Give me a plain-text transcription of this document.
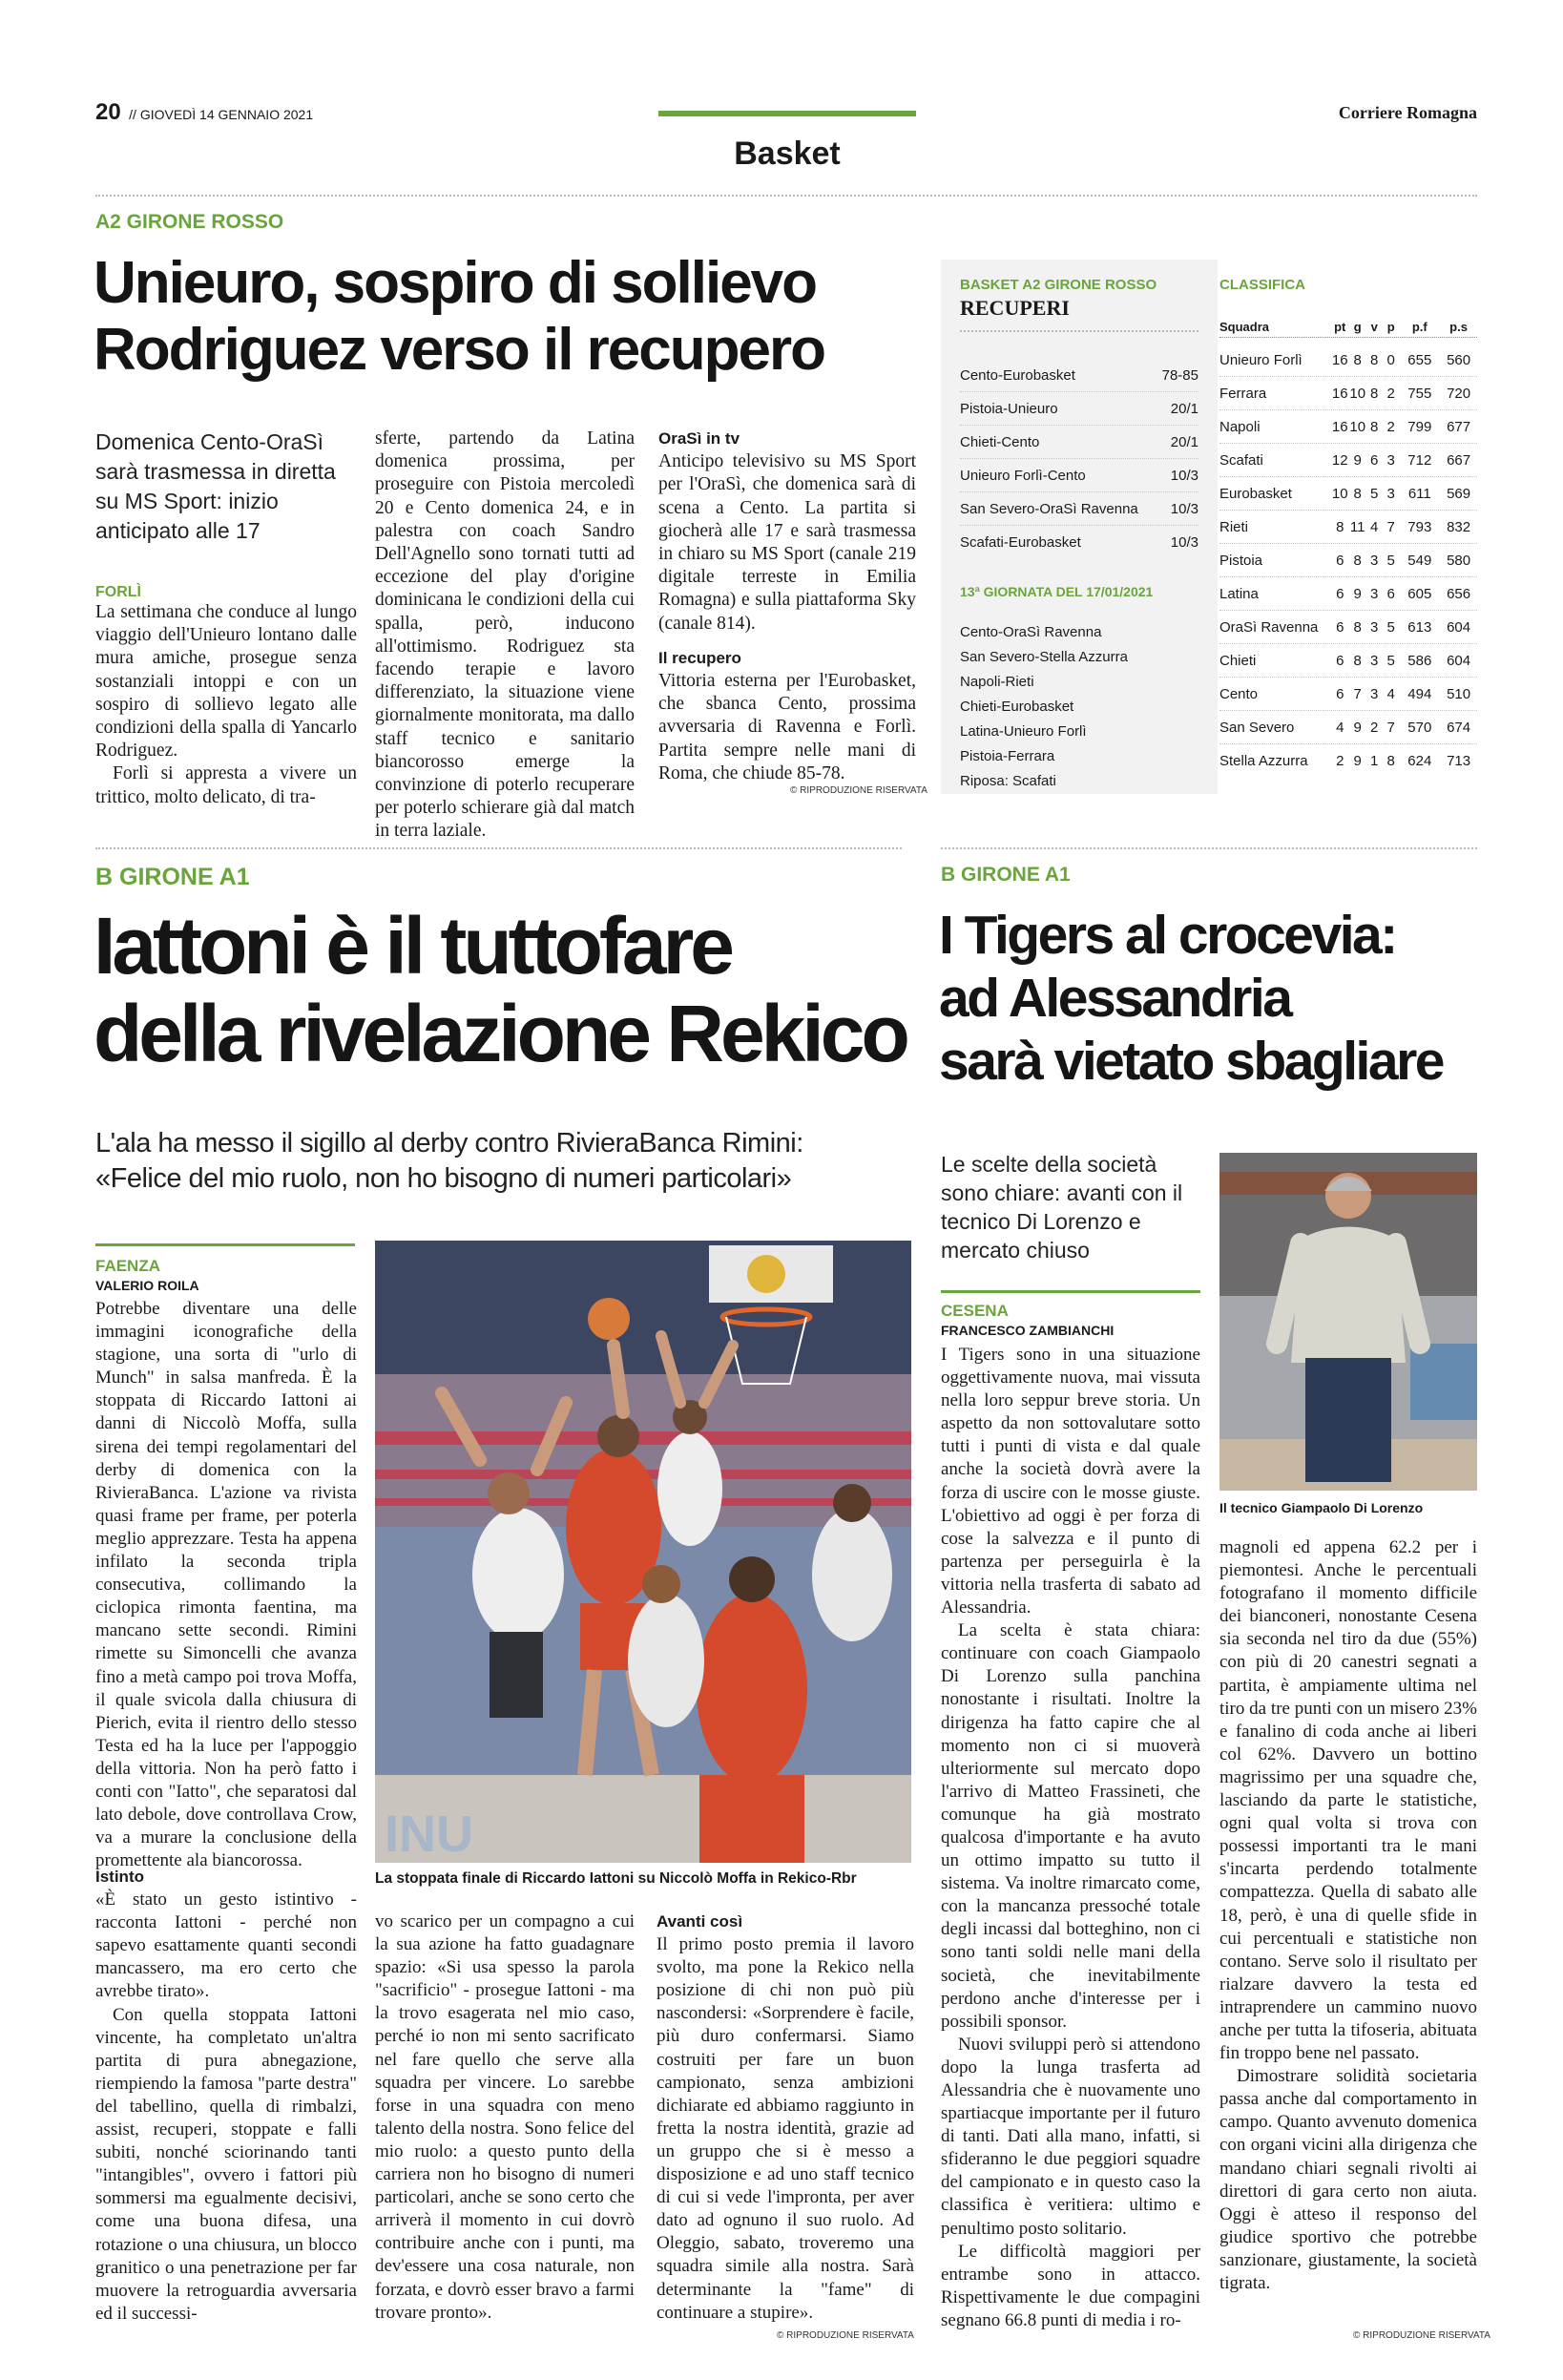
20 // GIOVEDÌ 14 GENNAIO 2021	Corriere Romagna
Basket
A2 GIRONE ROSSO
Unieuro, sospiro di sollievo
Rodriguez verso il recupero
Domenica Cento-OraSì sarà trasmessa in diretta su MS Sport: inizio anticipato alle 17
FORLÌ

La settimana che conduce al lungo viaggio dell'Unieuro lontano dalle mura amiche, prosegue senza sostanziali intoppi e con un sospiro di sollievo legato alle condizioni della spalla di Yancarlo Rodriguez.

Forlì si appresta a vivere un trittico, molto delicato, di tra-

sferte, partendo da Latina domenica prossima, per proseguire con Pistoia mercoledì 20 e Cento domenica 24, e in palestra con coach Sandro Dell'Agnello sono tornati tutti ad eccezione del play d'origine dominicana le condizioni della cui spalla, però, inducono all'ottimismo. Rodriguez sta facendo terapie e lavoro differenziato, la situazione viene giornalmente monitorata, ma dallo staff tecnico e sanitario biancorosso emerge la convinzione di poterlo recuperare per poterlo schierare già dal match in terra laziale.

OraSì in tv

Anticipo televisivo su MS Sport per l'OraSì, che domenica sarà di scena a Cento. La partita si giocherà alle 17 e sarà trasmessa in chiaro su MS Sport (canale 219 digitale terreste in Emilia Romagna) e sulla piattaforma Sky (canale 814).

Il recupero

Vittoria esterna per l'Eurobasket, che sbanca Cento, prossima avversaria di Ravenna e Forlì. Partita sempre nelle mani di Roma, che chiude 85-78.

© RIPRODUZIONE RISERVATA
BASKET A2 GIRONE ROSSO
RECUPERI
Cento-Eurobasket	78-85
Pistoia-Unieuro	20/1
Chieti-Cento	20/1
Unieuro Forlì-Cento	10/3
San Severo-OraSì Ravenna 10/3
Scafati-Eurobasket	10/3
13ª GIORNATA DEL 17/01/2021
Cento-OraSì Ravenna
San Severo-Stella Azzurra
Napoli-Rieti
Chieti-Eurobasket
Latina-Unieuro Forlì
Pistoia-Ferrara
Riposa: Scafati
CLASSIFICA
Squadra	pt g v p	p.f	p.s
Unieuro Forlì	16 8 8 0 655	560
Ferrara	16 10 8 2 755	720
Napoli	16 10 8 2 799	677
Scafati	12 9 6 3 712	667
Eurobasket	10 8 5 3 611	569
Rieti	8 11 4 7 793	832
Pistoia	6 8 3 5 549	580
Latina	6 9 3 6 605	656
OraSì Ravenna	6 8 3 5 613	604
Chieti	6 8 3 5 586	604
Cento	6 7 3 4 494	510
San Severo	4 9 2 7 570	674
Stella Azzurra	2 9 1 8 624	713
B GIRONE A1
Iattoni è il tuttofare
della rivelazione Rekico
L'ala ha messo il sigillo al derby contro RivieraBanca Rimini:
«Felice del mio ruolo, non ho bisogno di numeri particolari»
FAENZA
VALERIO ROILA

Potrebbe diventare una delle immagini iconografiche della stagione, una sorta di "urlo di Munch" in salsa manfreda. È la stoppata di Riccardo Iattoni ai danni di Niccolò Moffa, sulla sirena dei tempi regolamentari del derby di domenica con la RivieraBanca. L'azione va rivista quasi frame per frame, per poterla meglio apprezzare. Testa ha appena infilato la seconda tripla consecutiva, collimando la ciclopica rimonta faentina, ma mancano sette secondi. Rimini rimette su Simoncelli che avanza fino a metà campo poi trova Moffa, il quale svicola dalla chiusura di Pierich, evita il rientro dello stesso Testa ed ha la luce per l'appoggio della vittoria. Non ha però fatto i conti con "Iatto", che separatosi dal lato debole, dove controllava Crow, va a murare la conclusione della promettente ala biancorossa.	INU
La stoppata finale di Riccardo Iattoni su Niccolò Moffa in Rekico-Rbr
Istinto

«È stato un gesto istintivo - racconta Iattoni - perché non sapevo esattamente quanti secondi mancassero, ma ero certo che avrebbe tirato».

Con quella stoppata Iattoni vincente, ha completato un'altra partita di pura abnegazione, riempiendo la famosa "parte destra" del tabellino, quella di rimbalzi, assist, recuperi, stoppate e falli subiti, nonché sciorinando tanti "intangibles", ovvero i fattori più sommersi ma egualmente decisivi, come una buona difesa, una rotazione o una chiusura, un blocco granitico o una penetrazione per far muovere la retroguardia avversaria ed il successi-

vo scarico per un compagno a cui la sua azione ha fatto guadagnare spazio: «Si usa spesso la parola "sacrificio" - prosegue Iattoni - ma la trovo esagerata nel mio caso, perché io non mi sento sacrificato nel fare quello che serve alla squadra per vincere. Lo sarebbe forse in una squadra con meno talento della nostra. Sono felice del mio ruolo: a questo punto della carriera non ho bisogno di numeri particolari, anche se sono certo che arriverà il momento in cui dovrò contribuire anche con i punti, ma dev'essere una cosa naturale, non forzata, e dovrò esser bravo a farmi trovare pronto».

Avanti così

Il primo posto premia il lavoro svolto, ma pone la Rekico nella posizione di chi non può più nascondersi: «Sorprendere è facile, più duro confermarsi. Siamo costruiti per fare un buon campionato, senza ambizioni dichiarate ed abbiamo raggiunto in fretta la nostra identità, grazie ad un gruppo che si è messo a disposizione e ad uno staff tecnico di cui si vede l'impronta, per aver dato ad ognuno il suo ruolo. Ad Oleggio, sabato, troveremo una squadra simile alla nostra. Sarà determinante la "fame" di continuare a stupire».

© RIPRODUZIONE RISERVATA
B GIRONE A1
I Tigers al crocevia:
ad Alessandria
sarà vietato sbagliare
Le scelte della società sono chiare: avanti con il tecnico Di Lorenzo e mercato chiuso
Il tecnico Giampaolo Di Lorenzo
CESENA
FRANCESCO ZAMBIANCHI

I Tigers sono in una situazione oggettivamente nuova, mai vissuta nella loro seppur breve storia. Un aspetto da non sottovalutare sotto tutti i punti di vista e dal quale anche la società dovrà avere la forza di uscire con le mosse giuste. L'obiettivo ad oggi è per forza di cose la salvezza e il punto di partenza per perseguirla è la vittoria nella trasferta di sabato ad Alessandria.

La scelta è stata chiara: continuare con coach Giampaolo Di Lorenzo sulla panchina nonostante i risultati. Inoltre la dirigenza ha fatto capire che al momento non ci si muoverà ulteriormente sul mercato dopo l'arrivo di Matteo Frassineti, che comunque ha già mostrato qualcosa d'importante e ha avuto un ottimo impatto su tutto il sistema. Va inoltre rimarcato come, con la mancanza pressoché totale degli incassi dal botteghino, non ci sono tanti soldi nelle mani della società, che inevitabilmente perdono anche d'interesse per i possibili sponsor.

Nuovi sviluppi però si attendono dopo la lunga trasferta ad Alessandria che è nuovamente uno spartiacque importante per il futuro di tanti. Dati alla mano, infatti, si sfideranno le due peggiori squadre del campionato e in questo caso la classifica è veritiera: ultimo e penultimo posto solitario.

Le difficoltà maggiori per entrambe sono in attacco. Rispettivamente le due compagini segnano 66.8 punti di media i ro-

magnoli ed appena 62.2 per i piemontesi. Anche le percentuali fotografano il momento difficile dei bianconeri, nonostante Cesena sia seconda nel tiro da due (55%) con più di 20 canestri segnati a partita, è ampiamente ultima nel tiro da tre punti con un misero 23% e fanalino di coda anche ai liberi col 62%. Davvero un bottino magrissimo per una squadre che, lasciando da parte le statistiche, ogni qual volta si trova con possessi importanti tra le mani s'incarta perdendo totalmente compattezza. Quella di sabato alle 18, però, è una di quelle sfide in cui percentuali e statistiche non contano. Serve solo il risultato per rialzare davvero la testa ed intraprendere un cammino nuovo anche per tutta la tifoseria, abituata fin troppo bene nel passato.

Dimostrare solidità societaria passa anche dal comportamento in campo. Quanto avvenuto domenica con organi vicini alla dirigenza che mandano chiari segnali rivolti ai direttori di gara certo non aiuta. Oggi è atteso il responso del giudice sportivo che potrebbe sanzionare, giustamente, la società tigrata.

© RIPRODUZIONE RISERVATA
